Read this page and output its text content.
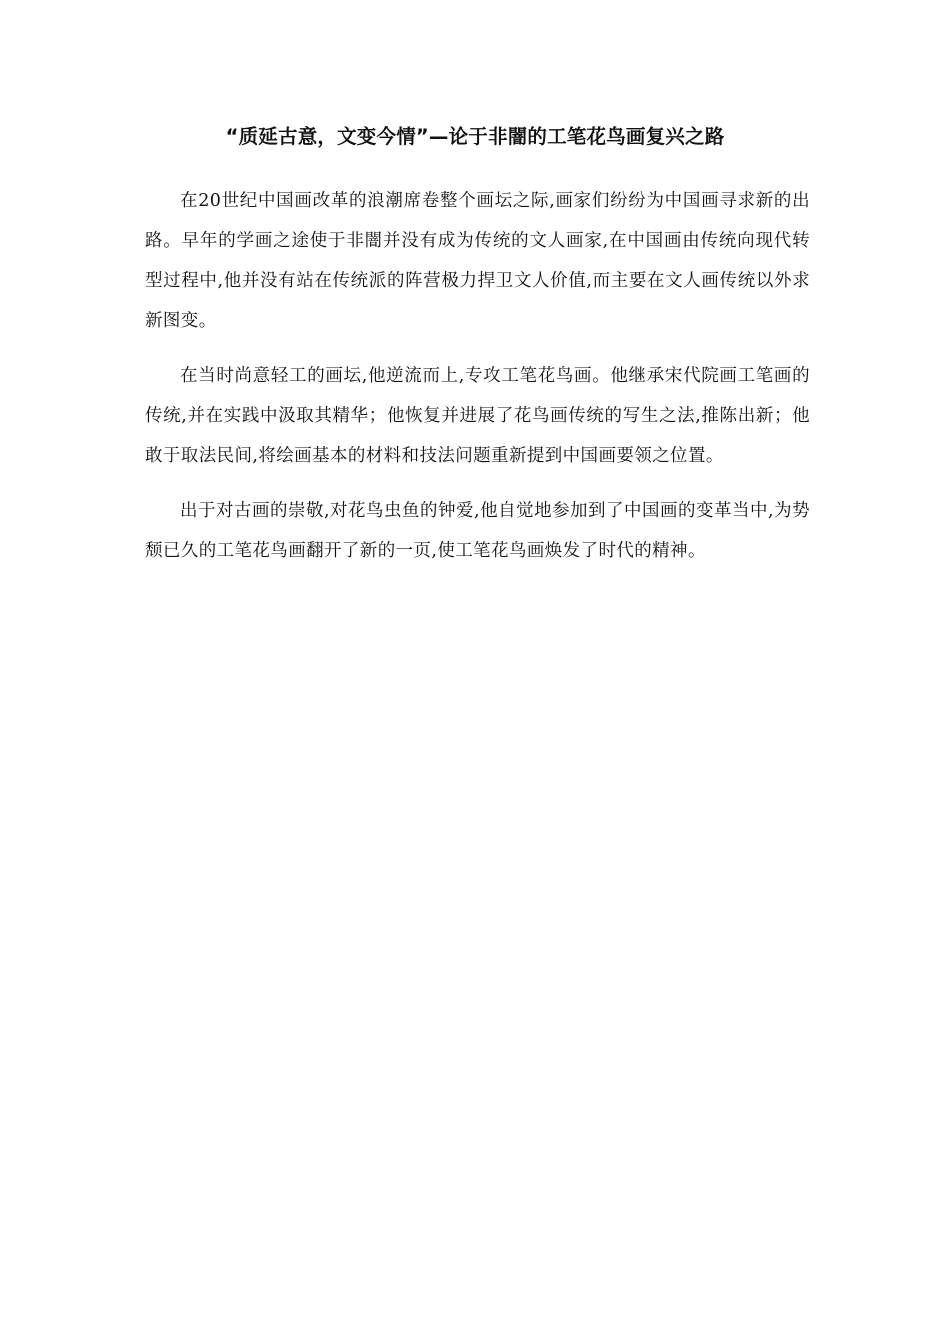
“质延古意，文变今情”—论于非闇的工笔花鸟画复兴之路

在20世纪中国画改革的浪潮席卷整个画坛之际,画家们纷纷为中国画寻求新的出路。早年的学画之途使于非闇并没有成为传统的文人画家,在中国画由传统向现代转型过程中,他并没有站在传统派的阵营极力捍卫文人价值,而主要在文人画传统以外求新图变。

在当时尚意轻工的画坛,他逆流而上,专攻工笔花鸟画。他继承宋代院画工笔画的传统,并在实践中汲取其精华；他恢复并进展了花鸟画传统的写生之法,推陈出新；他敢于取法民间,将绘画基本的材料和技法问题重新提到中国画要领之位置。

出于对古画的崇敬,对花鸟虫鱼的钟爱,他自觉地参加到了中国画的变革当中,为势颓已久的工笔花鸟画翻开了新的一页,使工笔花鸟画焕发了时代的精神。
